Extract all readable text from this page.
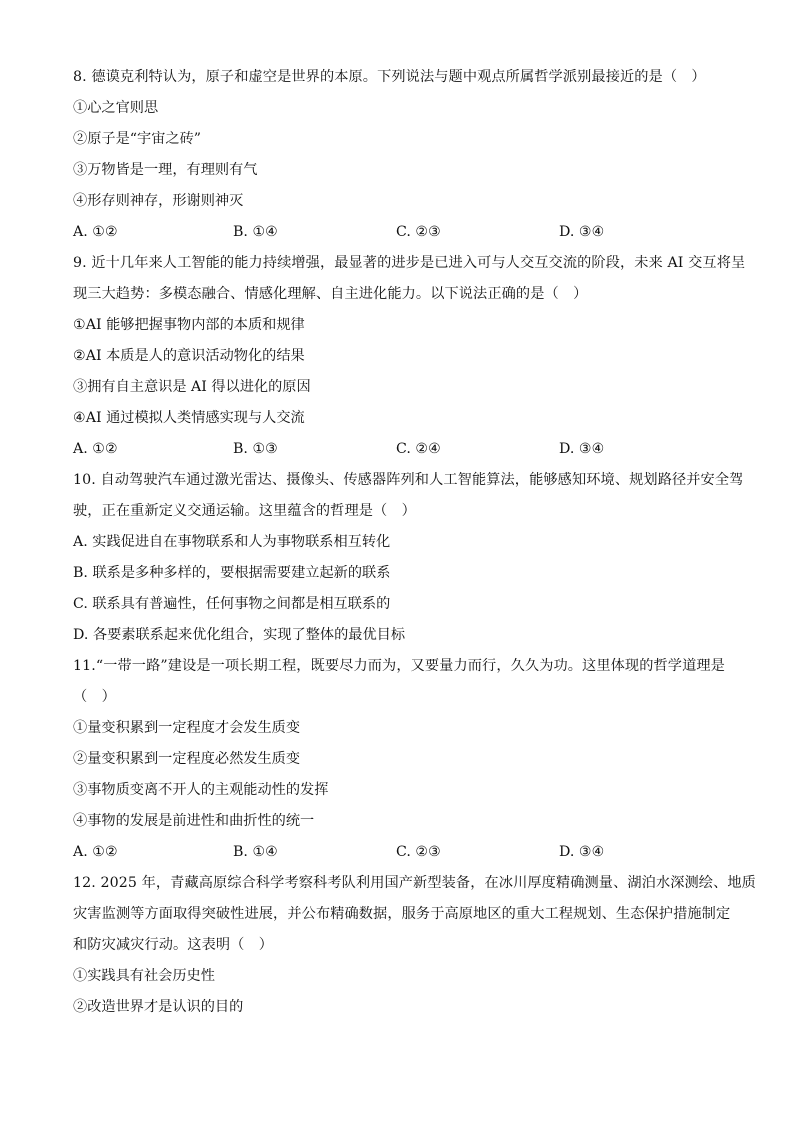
8. 德谟克利特认为，原子和虚空是世界的本原。下列说法与题中观点所属哲学派别最接近的是（　）

①心之官则思

②原子是“宇宙之砖”

③万物皆是一理，有理则有气

④形存则神存，形谢则神灭

A. ①②	B. ①④	C. ②③	D. ③④

9. 近十几年来人工智能的能力持续增强，最显著的进步是已进入可与人交互交流的阶段，未来 AI 交互将呈

现三大趋势：多模态融合、情感化理解、自主进化能力。以下说法正确的是（　）

①AI 能够把握事物内部的本质和规律

②AI 本质是人的意识活动物化的结果

③拥有自主意识是 AI 得以进化的原因

④AI 通过模拟人类情感实现与人交流

A. ①②	B. ①③	C. ②④	D. ③④

10. 自动驾驶汽车通过激光雷达、摄像头、传感器阵列和人工智能算法，能够感知环境、规划路径并安全驾

驶，正在重新定义交通运输。这里蕴含的哲理是（　）

A. 实践促进自在事物联系和人为事物联系相互转化

B. 联系是多种多样的，要根据需要建立起新的联系

C. 联系具有普遍性，任何事物之间都是相互联系的

D. 各要素联系起来优化组合，实现了整体的最优目标

11.“一带一路”建设是一项长期工程，既要尽力而为，又要量力而行，久久为功。这里体现的哲学道理是

（　）

①量变积累到一定程度才会发生质变

②量变积累到一定程度必然发生质变

③事物质变离不开人的主观能动性的发挥

④事物的发展是前进性和曲折性的统一

A. ①②	B. ①④	C. ②③	D. ③④

12. 2025 年，青藏高原综合科学考察科考队利用国产新型装备，在冰川厚度精确测量、湖泊水深测绘、地质

灾害监测等方面取得突破性进展，并公布精确数据，服务于高原地区的重大工程规划、生态保护措施制定

和防灾减灾行动。这表明（　）

①实践具有社会历史性

②改造世界才是认识的目的
